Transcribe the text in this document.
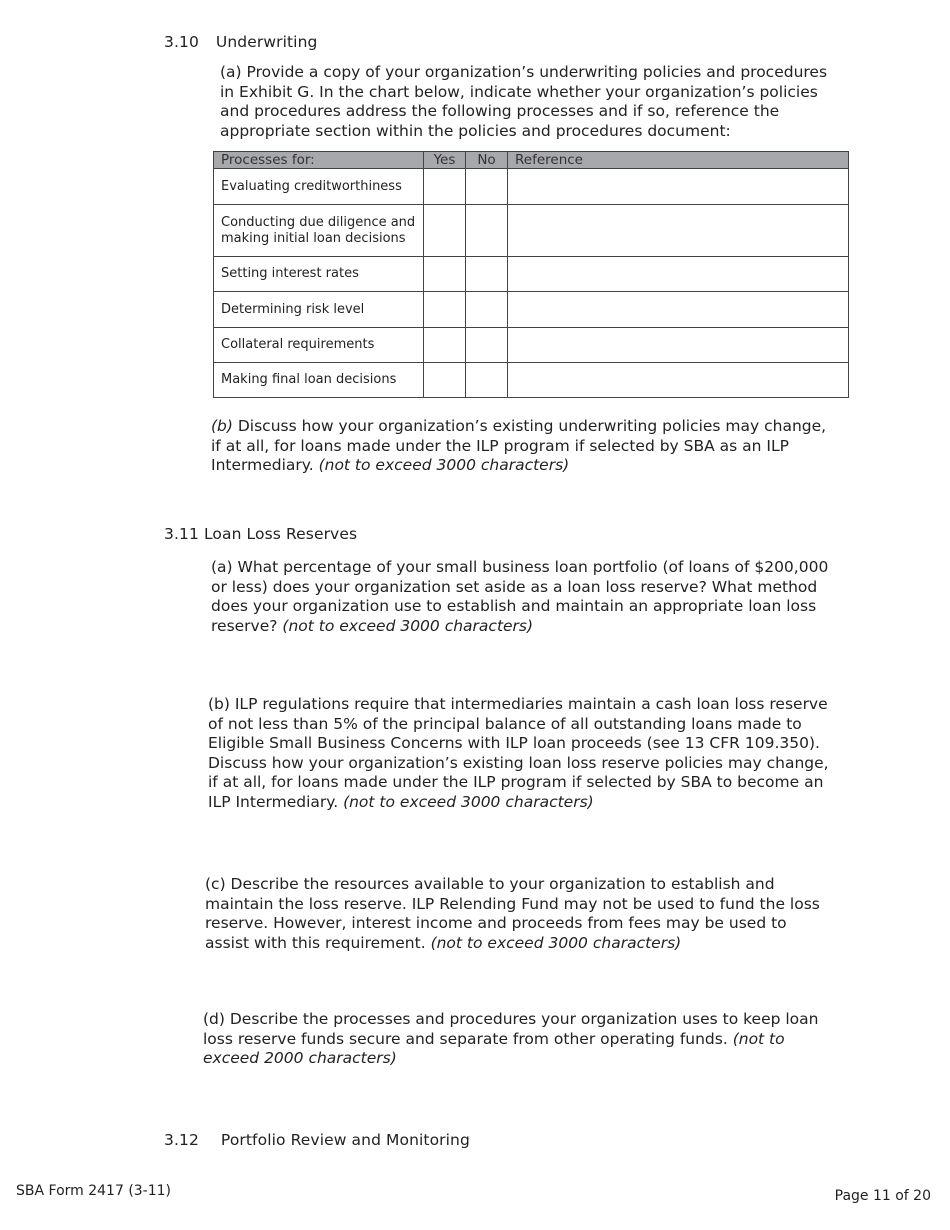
3.10 Underwriting

(a) Provide a copy of your organization’s underwriting policies and procedures in Exhibit G. In the chart below, indicate whether your organization’s policies and procedures address the following processes and if so, reference the appropriate section within the policies and procedures document:

Processes for:	Yes	No	Reference
Evaluating creditworthiness			
Conducting due diligence and making initial loan decisions			
Setting interest rates			
Determining risk level			
Collateral requirements			
Making final loan decisions			

(b) Discuss how your organization’s existing underwriting policies may change, if at all, for loans made under the ILP program if selected by SBA as an ILP Intermediary. (not to exceed 3000 characters)

3.11 Loan Loss Reserves

(a) What percentage of your small business loan portfolio (of loans of $200,000 or less) does your organization set aside as a loan loss reserve? What method does your organization use to establish and maintain an appropriate loan loss reserve? (not to exceed 3000 characters)

(b) ILP regulations require that intermediaries maintain a cash loan loss reserve of not less than 5% of the principal balance of all outstanding loans made to Eligible Small Business Concerns with ILP loan proceeds (see 13 CFR 109.350). Discuss how your organization’s existing loan loss reserve policies may change, if at all, for loans made under the ILP program if selected by SBA to become an ILP Intermediary. (not to exceed 3000 characters)

(c) Describe the resources available to your organization to establish and maintain the loss reserve. ILP Relending Fund may not be used to fund the loss reserve. However, interest income and proceeds from fees may be used to assist with this requirement. (not to exceed 3000 characters)

(d) Describe the processes and procedures your organization uses to keep loan loss reserve funds secure and separate from other operating funds. (not to exceed 2000 characters)

3.12 Portfolio Review and Monitoring
SBA Form 2417 (3-11)	Page 11 of 20
